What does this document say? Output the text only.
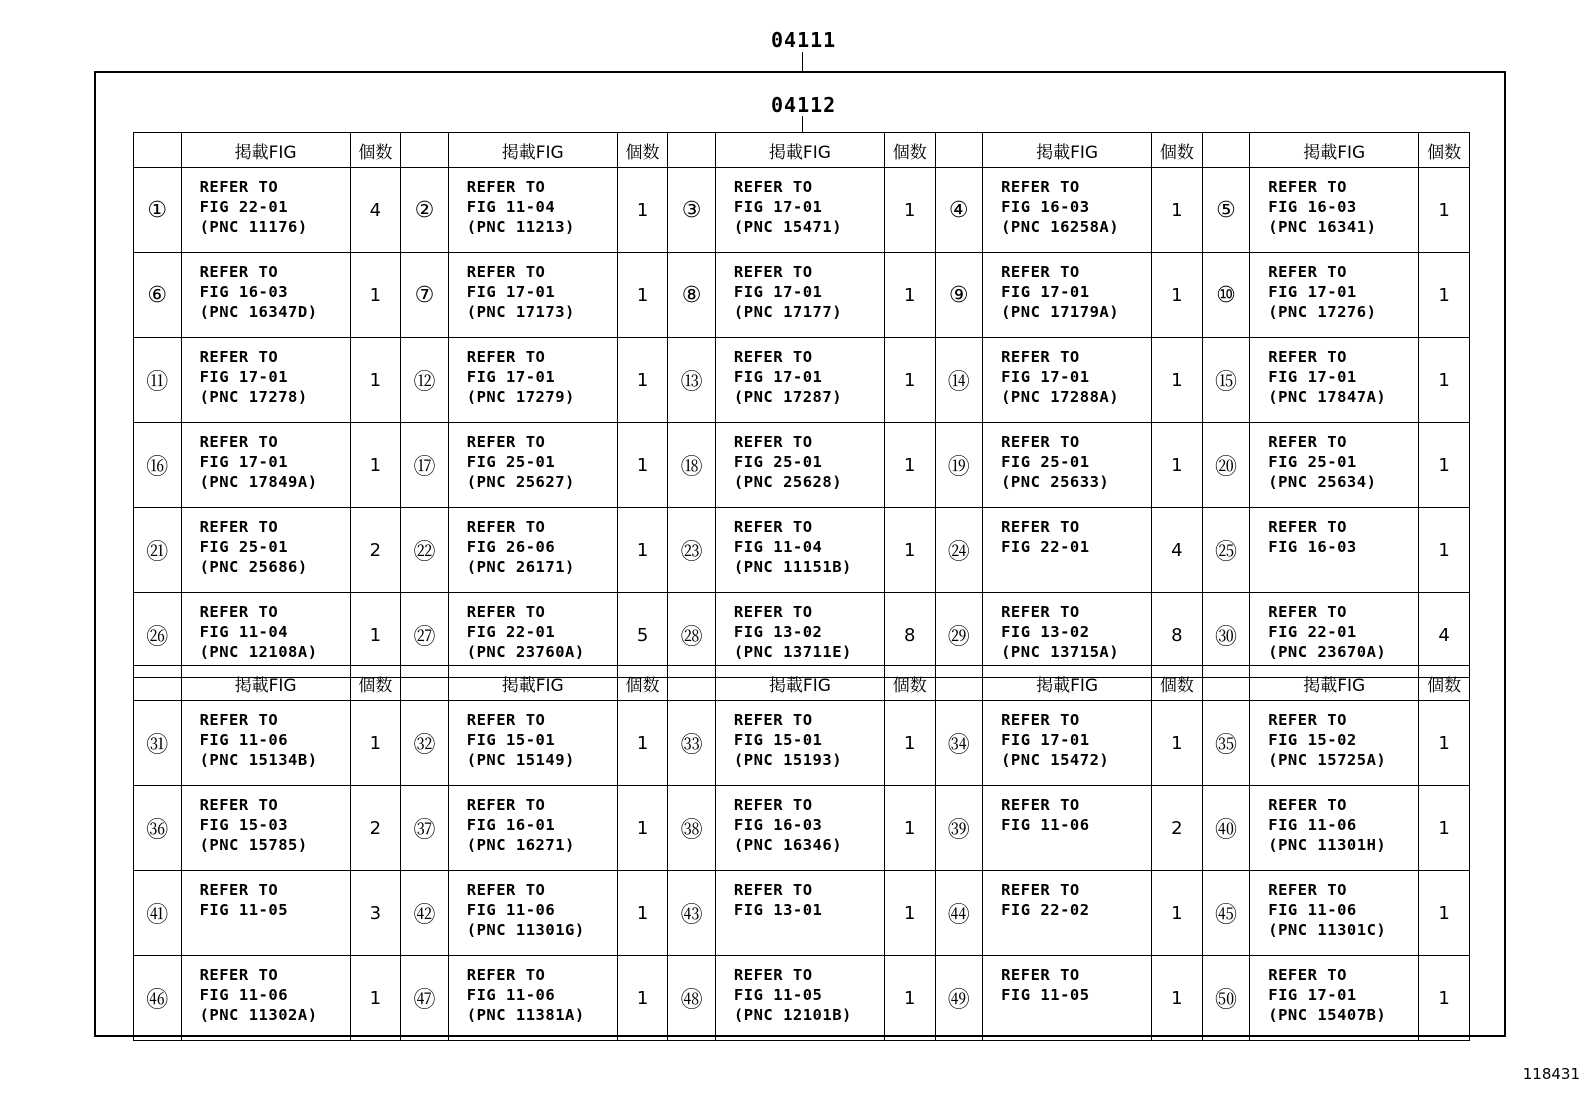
04111
04112
	掲載FIG	個数		掲載FIG	個数		掲載FIG	個数		掲載FIG	個数		掲載FIG	個数
①	REFER TO
FIG 22-01
(PNC 11176)	4	②	REFER TO
FIG 11-04
(PNC 11213)	1	③	REFER TO
FIG 17-01
(PNC 15471)	1	④	REFER TO
FIG 16-03
(PNC 16258A)	1	⑤	REFER TO
FIG 16-03
(PNC 16341)	1
⑥	REFER TO
FIG 16-03
(PNC 16347D)	1	⑦	REFER TO
FIG 17-01
(PNC 17173)	1	⑧	REFER TO
FIG 17-01
(PNC 17177)	1	⑨	REFER TO
FIG 17-01
(PNC 17179A)	1	⑩	REFER TO
FIG 17-01
(PNC 17276)	1
⑪	REFER TO
FIG 17-01
(PNC 17278)	1	⑫	REFER TO
FIG 17-01
(PNC 17279)	1	⑬	REFER TO
FIG 17-01
(PNC 17287)	1	⑭	REFER TO
FIG 17-01
(PNC 17288A)	1	⑮	REFER TO
FIG 17-01
(PNC 17847A)	1
⑯	REFER TO
FIG 17-01
(PNC 17849A)	1	⑰	REFER TO
FIG 25-01
(PNC 25627)	1	⑱	REFER TO
FIG 25-01
(PNC 25628)	1	⑲	REFER TO
FIG 25-01
(PNC 25633)	1	⑳	REFER TO
FIG 25-01
(PNC 25634)	1
㉑	REFER TO
FIG 25-01
(PNC 25686)	2	㉒	REFER TO
FIG 26-06
(PNC 26171)	1	㉓	REFER TO
FIG 11-04
(PNC 11151B)	1	㉔	REFER TO
FIG 22-01	4	㉕	REFER TO
FIG 16-03	1
㉖	REFER TO
FIG 11-04
(PNC 12108A)	1	㉗	REFER TO
FIG 22-01
(PNC 23760A)	5	㉘	REFER TO
FIG 13-02
(PNC 13711E)	8	㉙	REFER TO
FIG 13-02
(PNC 13715A)	8	㉚	REFER TO
FIG 22-01
(PNC 23670A)	4
	掲載FIG	個数		掲載FIG	個数		掲載FIG	個数		掲載FIG	個数		掲載FIG	個数
㉛	REFER TO
FIG 11-06
(PNC 15134B)	1	㉜	REFER TO
FIG 15-01
(PNC 15149)	1	㉝	REFER TO
FIG 15-01
(PNC 15193)	1	㉞	REFER TO
FIG 17-01
(PNC 15472)	1	㉟	REFER TO
FIG 15-02
(PNC 15725A)	1
㊱	REFER TO
FIG 15-03
(PNC 15785)	2	㊲	REFER TO
FIG 16-01
(PNC 16271)	1	㊳	REFER TO
FIG 16-03
(PNC 16346)	1	㊴	REFER TO
FIG 11-06	2	㊵	REFER TO
FIG 11-06
(PNC 11301H)	1
㊶	REFER TO
FIG 11-05	3	㊷	REFER TO
FIG 11-06
(PNC 11301G)	1	㊸	REFER TO
FIG 13-01	1	㊹	REFER TO
FIG 22-02	1	㊺	REFER TO
FIG 11-06
(PNC 11301C)	1
㊻	REFER TO
FIG 11-06
(PNC 11302A)	1	㊼	REFER TO
FIG 11-06
(PNC 11381A)	1	㊽	REFER TO
FIG 11-05
(PNC 12101B)	1	㊾	REFER TO
FIG 11-05	1	㊿	REFER TO
FIG 17-01
(PNC 15407B)	1
118431
